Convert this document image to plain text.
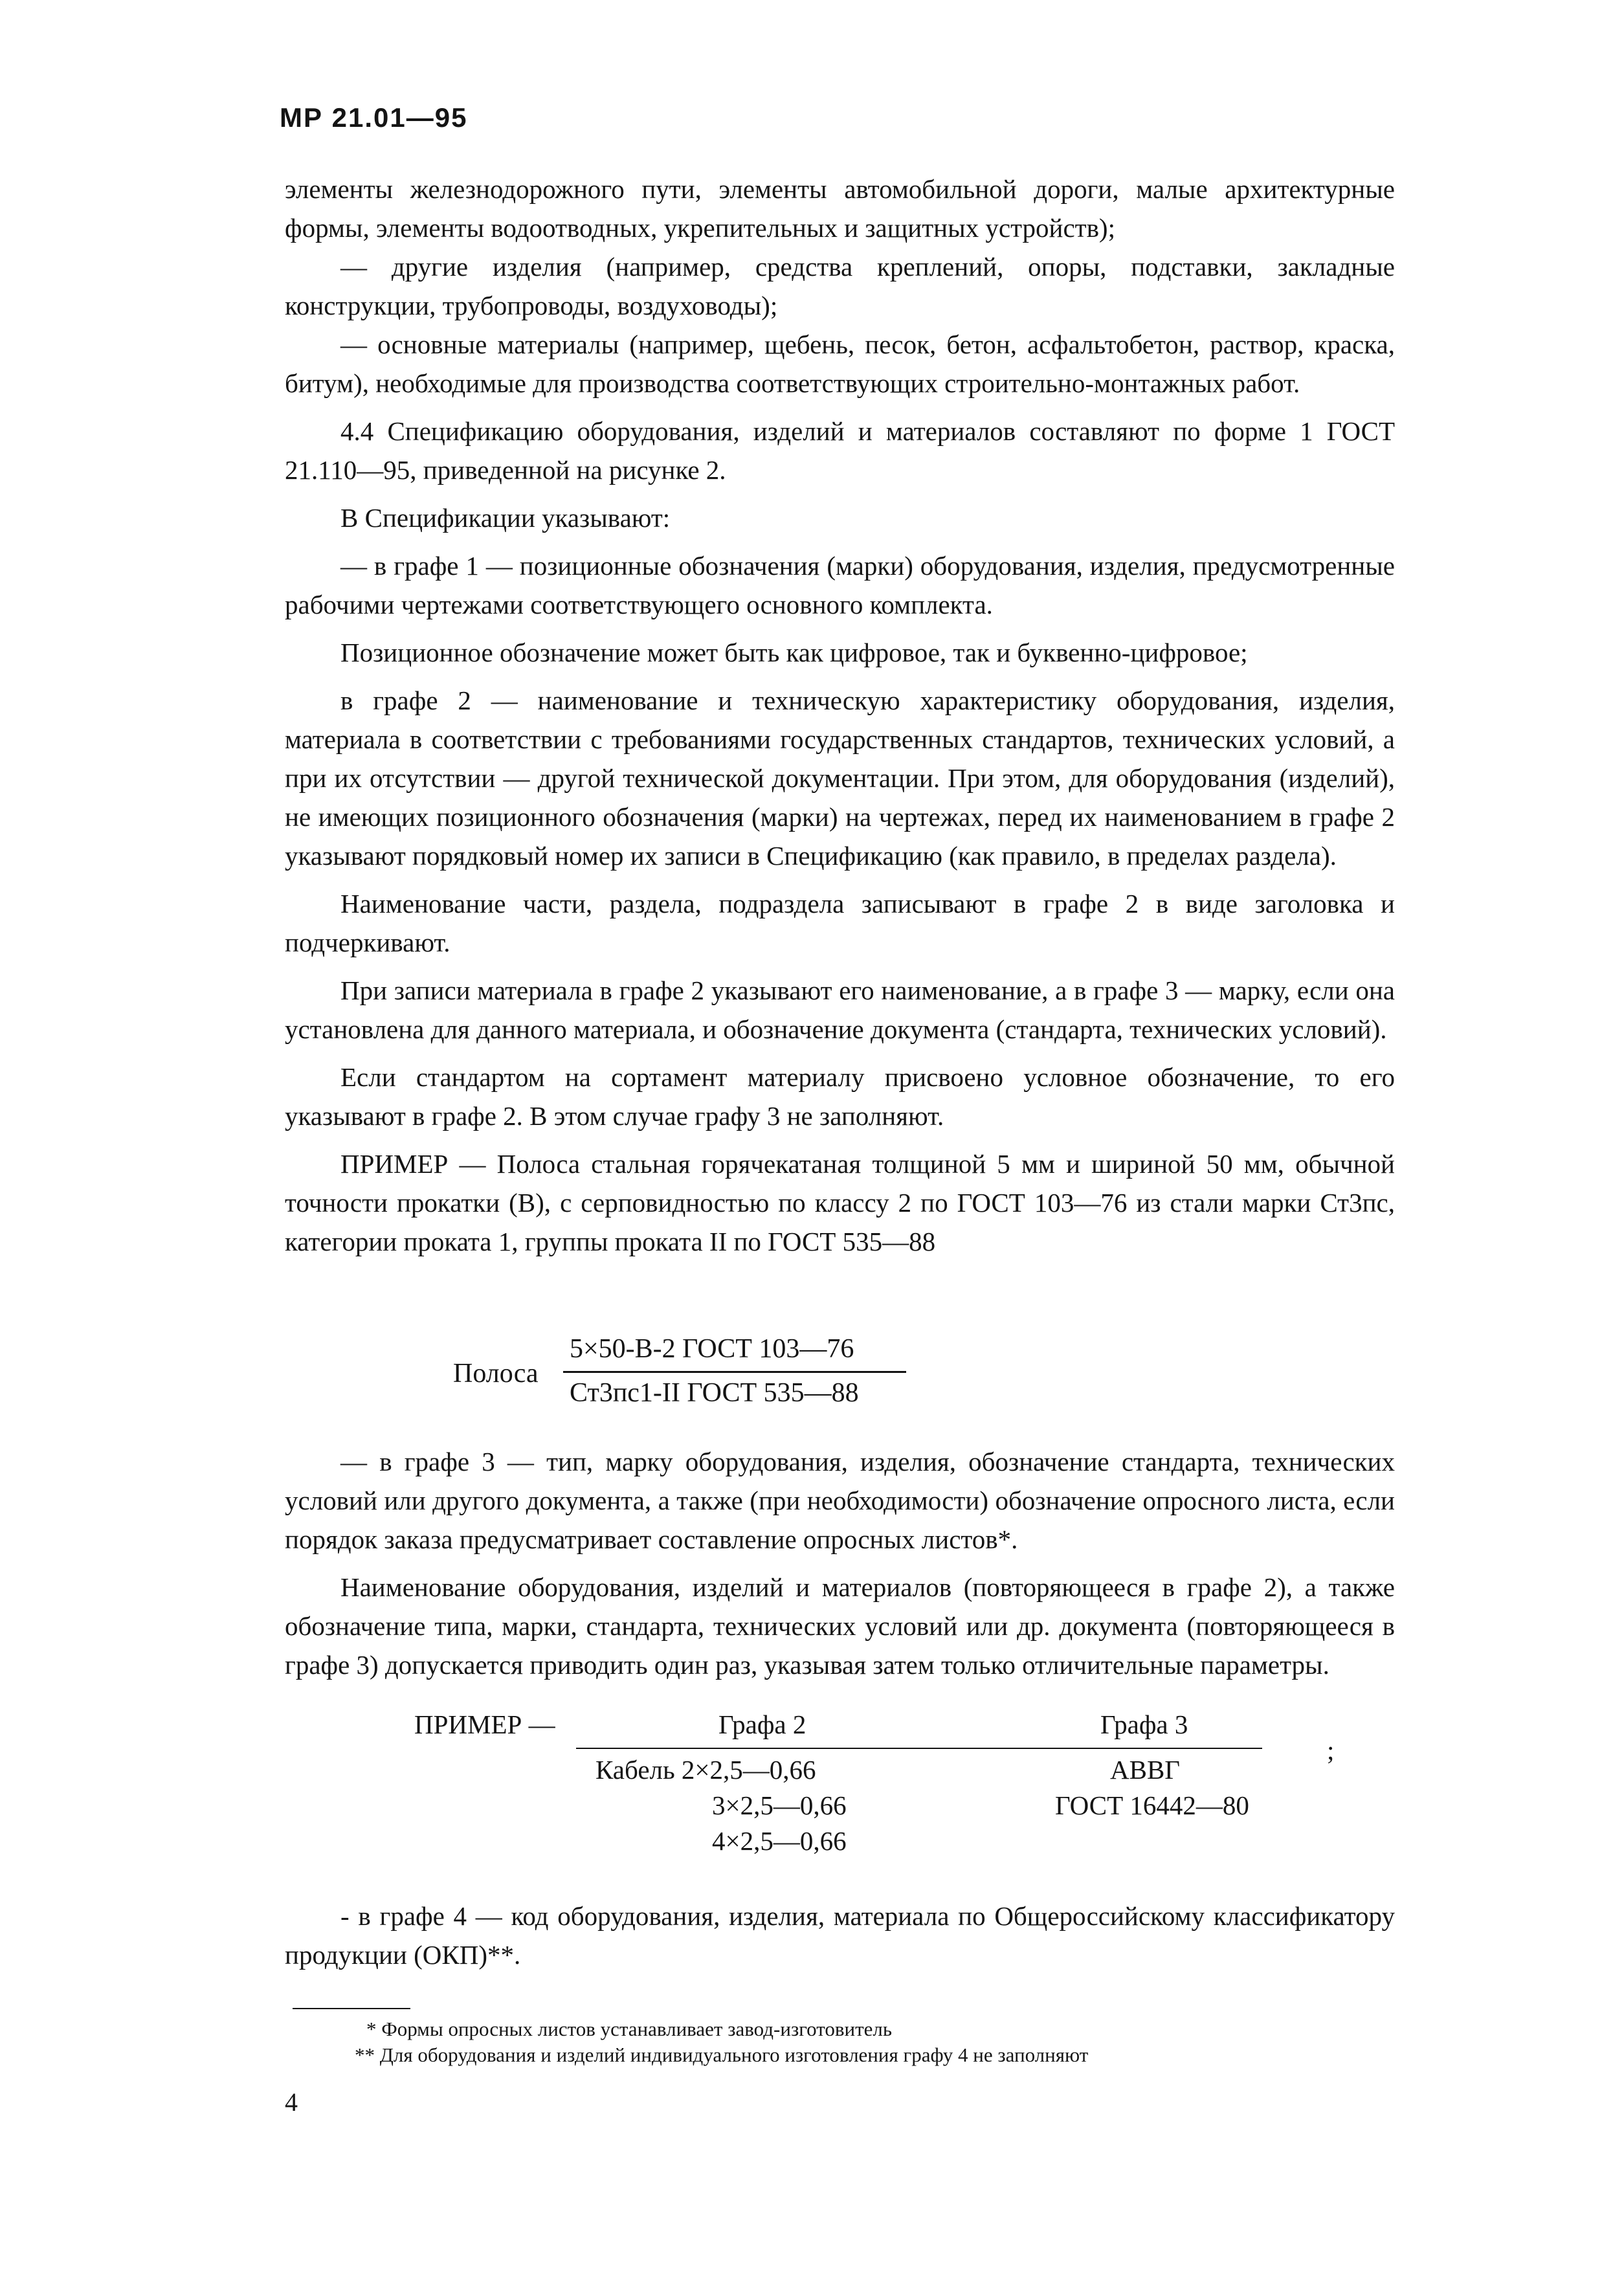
МР 21.01—95

элементы железнодорожного пути, элементы автомобильной дороги, малые архитектурные формы, элементы водоотводных, укрепительных и защитных устройств);

— другие изделия (например, средства креплений, опоры, подставки, закладные конструкции, трубопроводы, воздуховоды);

— основные материалы (например, щебень, песок, бетон, асфальтобетон, раствор, краска, битум), необходимые для производства соответствующих строительно-монтажных работ.

4.4 Спецификацию оборудования, изделий и материалов составляют по форме 1 ГОСТ 21.110—95, приведенной на рисунке 2.

В Спецификации указывают:

— в графе 1 — позиционные обозначения (марки) оборудования, изделия, предусмотренные рабочими чертежами соответствующего основного комплекта.

Позиционное обозначение может быть как цифровое, так и буквенно-цифровое;

в графе 2 — наименование и техническую характеристику оборудования, изделия, материала в соответствии с требованиями государственных стандартов, технических условий, а при их отсутствии — другой технической документации. При этом, для оборудования (изделий), не имеющих позиционного обозначения (марки) на чертежах, перед их наименованием в графе 2 указывают порядковый номер их записи в Спецификацию (как правило, в пределах раздела).

Наименование части, раздела, подраздела записывают в графе 2 в виде заголовка и подчеркивают.

При записи материала в графе 2 указывают его наименование, а в графе 3 — марку, если она установлена для данного материала, и обозначение документа (стандарта, технических условий).

Если стандартом на сортамент материалу присвоено условное обозначение, то его указывают в графе 2. В этом случае графу 3 не заполняют.

ПРИМЕР — Полоса стальная горячекатаная толщиной 5 мм и шириной 50 мм, обычной точности прокатки (В), с серповидностью по классу 2 по ГОСТ 103—76 из стали марки Ст3пс, категории проката 1, группы проката II по ГОСТ 535—88

Полоса
5×50-В-2 ГОСТ 103—76
Ст3пс1-II ГОСТ 535—88

— в графе 3 — тип, марку оборудования, изделия, обозначение стандарта, технических условий или другого документа, а также (при необходимости) обозначение опросного листа, если порядок заказа предусматривает составление опросных листов*.

Наименование оборудования, изделий и материалов (повторяющееся в графе 2), а также обозначение типа, марки, стандарта, технических условий или др. документа (повторяющееся в графе 3) допускается приводить один раз, указывая затем только отличительные параметры.

ПРИМЕР —	Графа 2	Графа 3
;
Кабель 2×2,5—0,66
3×2,5—0,66
4×2,5—0,66
АВВГ
ГОСТ 16442—80

- в графе 4 — код оборудования, изделия, материала по Общероссийскому классификатору продукции (ОКП)**.

* Формы опросных листов устанавливает завод-изготовитель

** Для оборудования и изделий индивидуального изготовления графу 4 не заполняют

4
